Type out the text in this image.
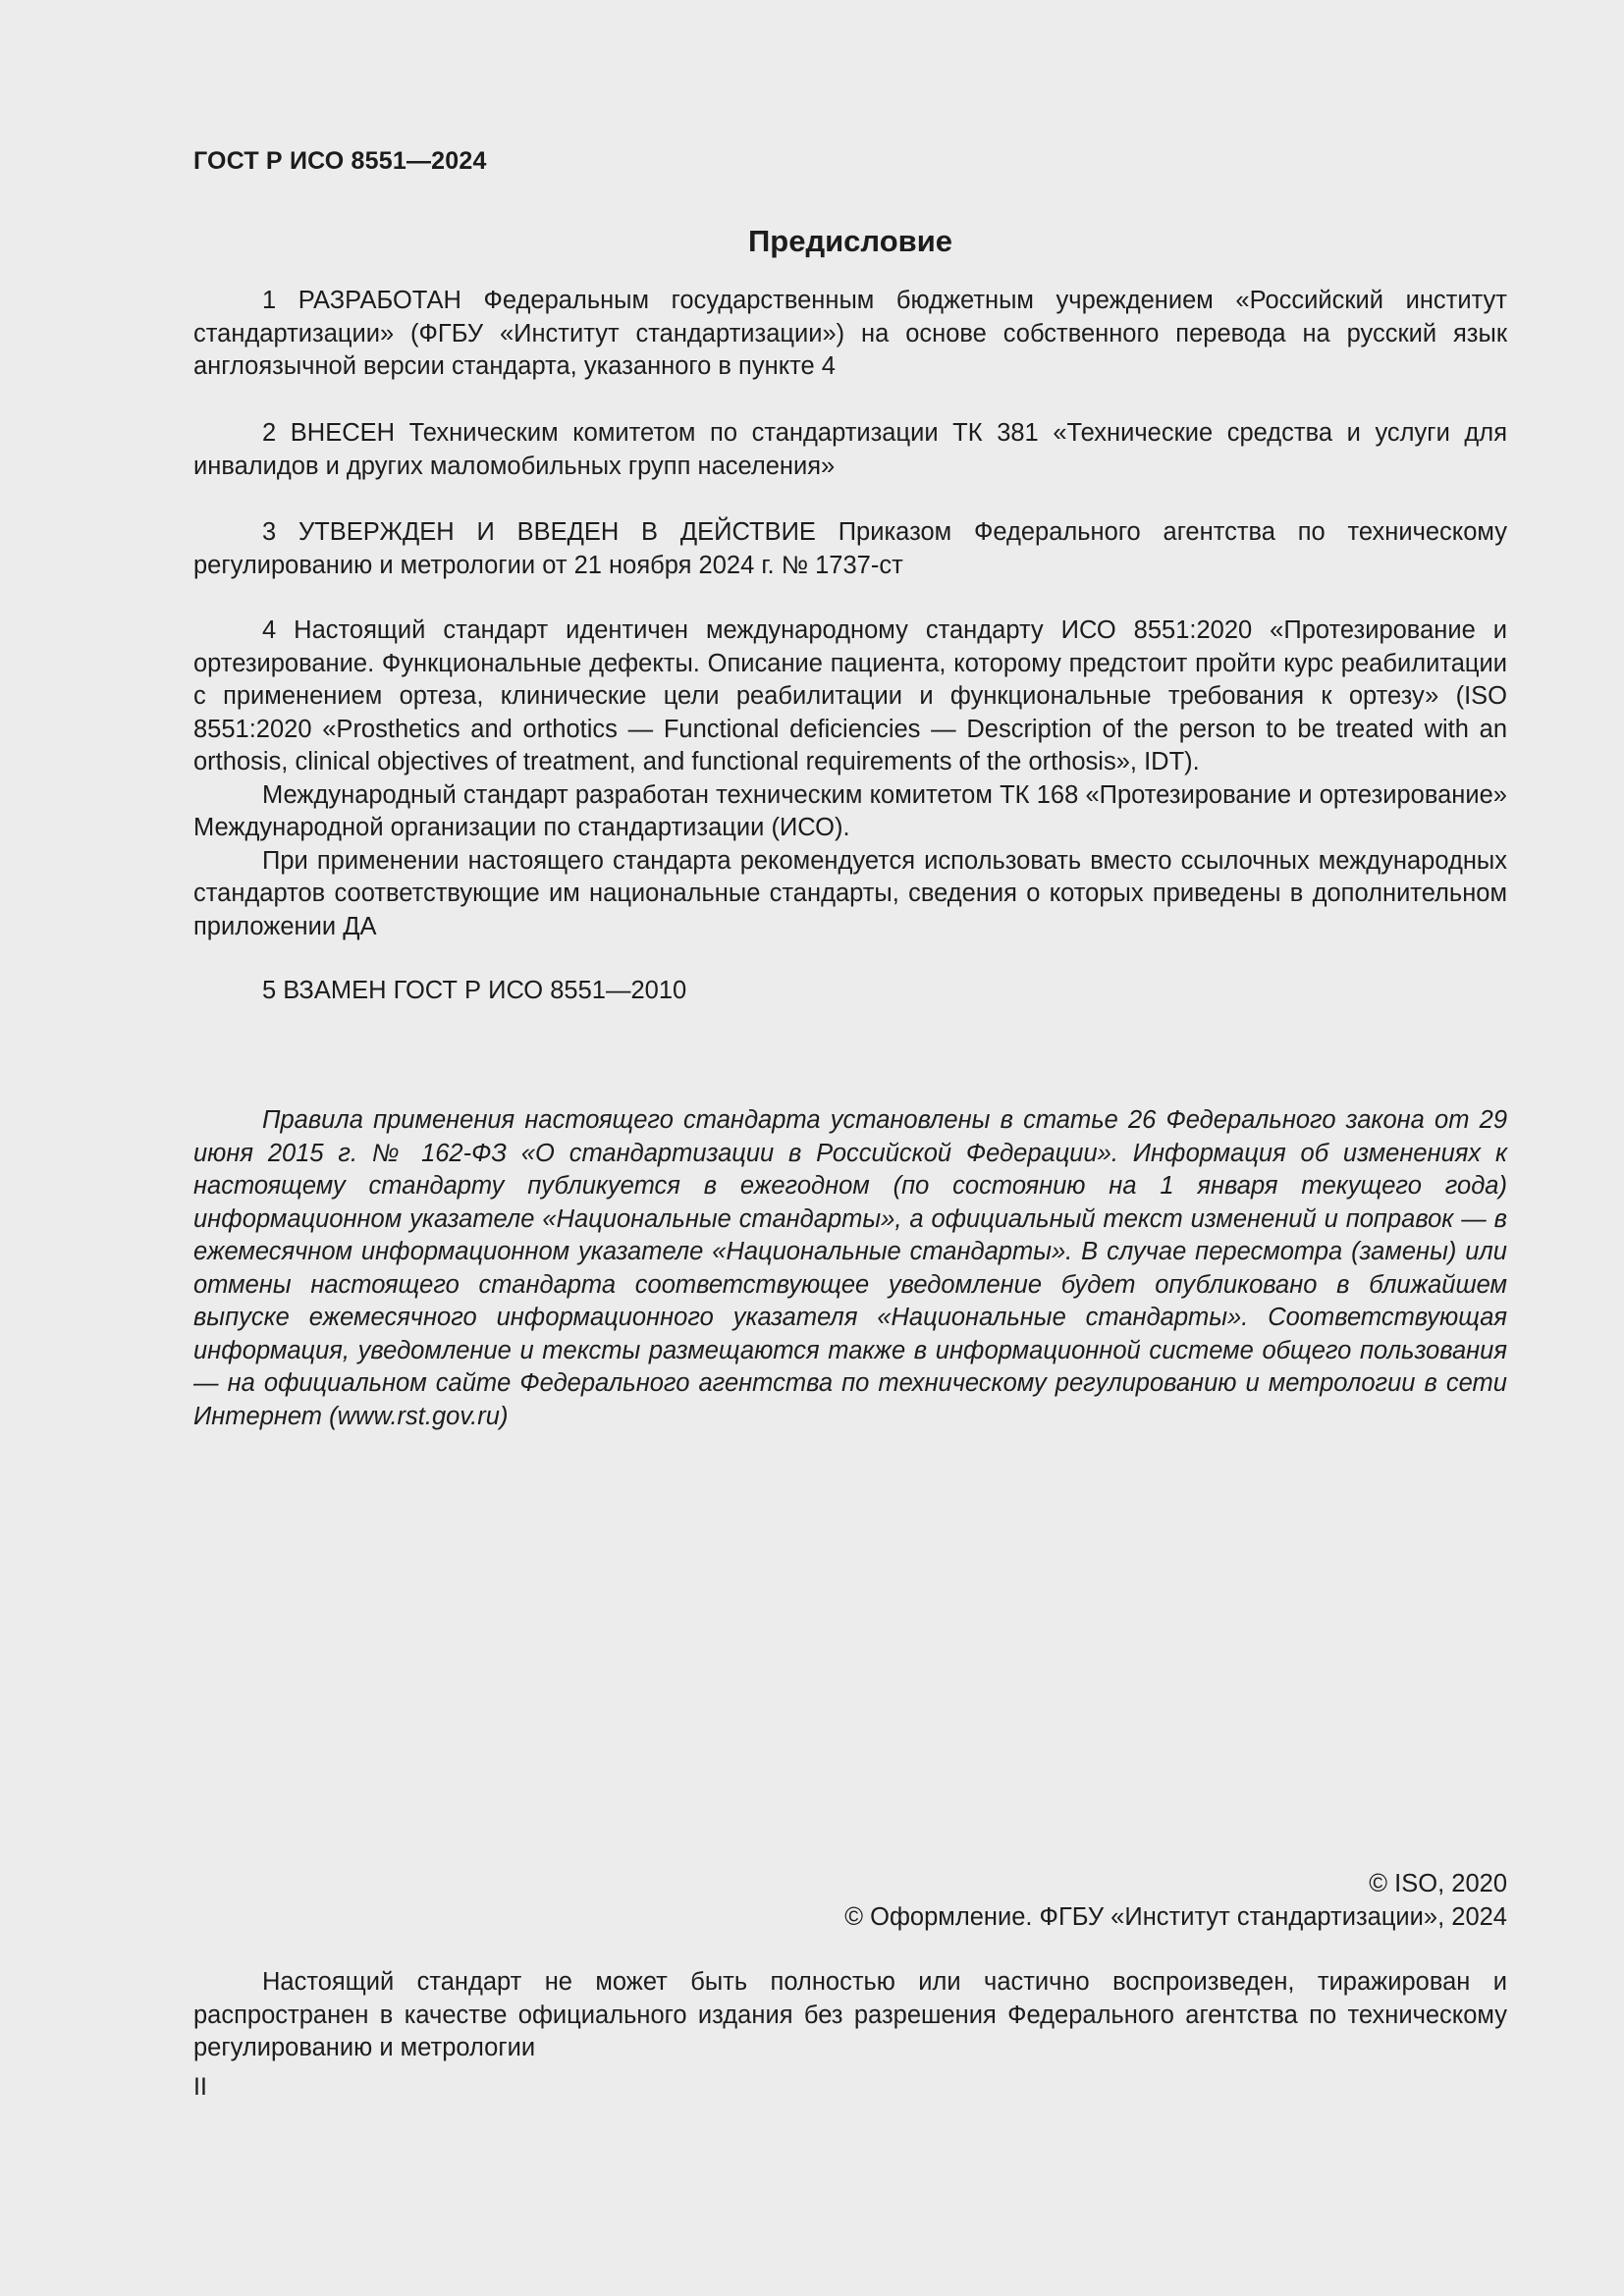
ГОСТ Р ИСО 8551—2024
Предисловие

1 РАЗРАБОТАН Федеральным государственным бюджетным учреждением «Российский институт стандартизации» (ФГБУ «Институт стандартизации») на основе собственного перевода на русский язык англоязычной версии стандарта, указанного в пункте 4

2 ВНЕСЕН Техническим комитетом по стандартизации ТК 381 «Технические средства и услуги для инвалидов и других маломобильных групп населения»

3 УТВЕРЖДЕН И ВВЕДЕН В ДЕЙСТВИЕ Приказом Федерального агентства по техническому регулированию и метрологии от 21 ноября 2024 г. № 1737-ст

4 Настоящий стандарт идентичен международному стандарту ИСО 8551:2020 «Протезирование и ортезирование. Функциональные дефекты. Описание пациента, которому предстоит пройти курс реабилитации с применением ортеза, клинические цели реабилитации и функциональные требования к ортезу» (ISO 8551:2020 «Prosthetics and orthotics — Functional deficiencies — Description of the person to be treated with an orthosis, clinical objectives of treatment, and functional requirements of the orthosis», IDT).

Международный стандарт разработан техническим комитетом ТК 168 «Протезирование и ортезирование» Международной организации по стандартизации (ИСО).

При применении настоящего стандарта рекомендуется использовать вместо ссылочных международных стандартов соответствующие им национальные стандарты, сведения о которых приведены в дополнительном приложении ДА

5 ВЗАМЕН ГОСТ Р ИСО 8551—2010

Правила применения настоящего стандарта установлены в статье 26 Федерального закона от 29 июня 2015 г. № 162-ФЗ «О стандартизации в Российской Федерации». Информация об изменениях к настоящему стандарту публикуется в ежегодном (по состоянию на 1 января текущего года) информационном указателе «Национальные стандарты», а официальный текст изменений и поправок — в ежемесячном информационном указателе «Национальные стандарты». В случае пересмотра (замены) или отмены настоящего стандарта соответствующее уведомление будет опубликовано в ближайшем выпуске ежемесячного информационного указателя «Национальные стандарты». Соответствующая информация, уведомление и тексты размещаются также в информационной системе общего пользования — на официальном сайте Федерального агентства по техническому регулированию и метрологии в сети Интернет (www.rst.gov.ru)

© ISO, 2020
© Оформление. ФГБУ «Институт стандартизации», 2024

Настоящий стандарт не может быть полностью или частично воспроизведен, тиражирован и распространен в качестве официального издания без разрешения Федерального агентства по техническому регулированию и метрологии

II
